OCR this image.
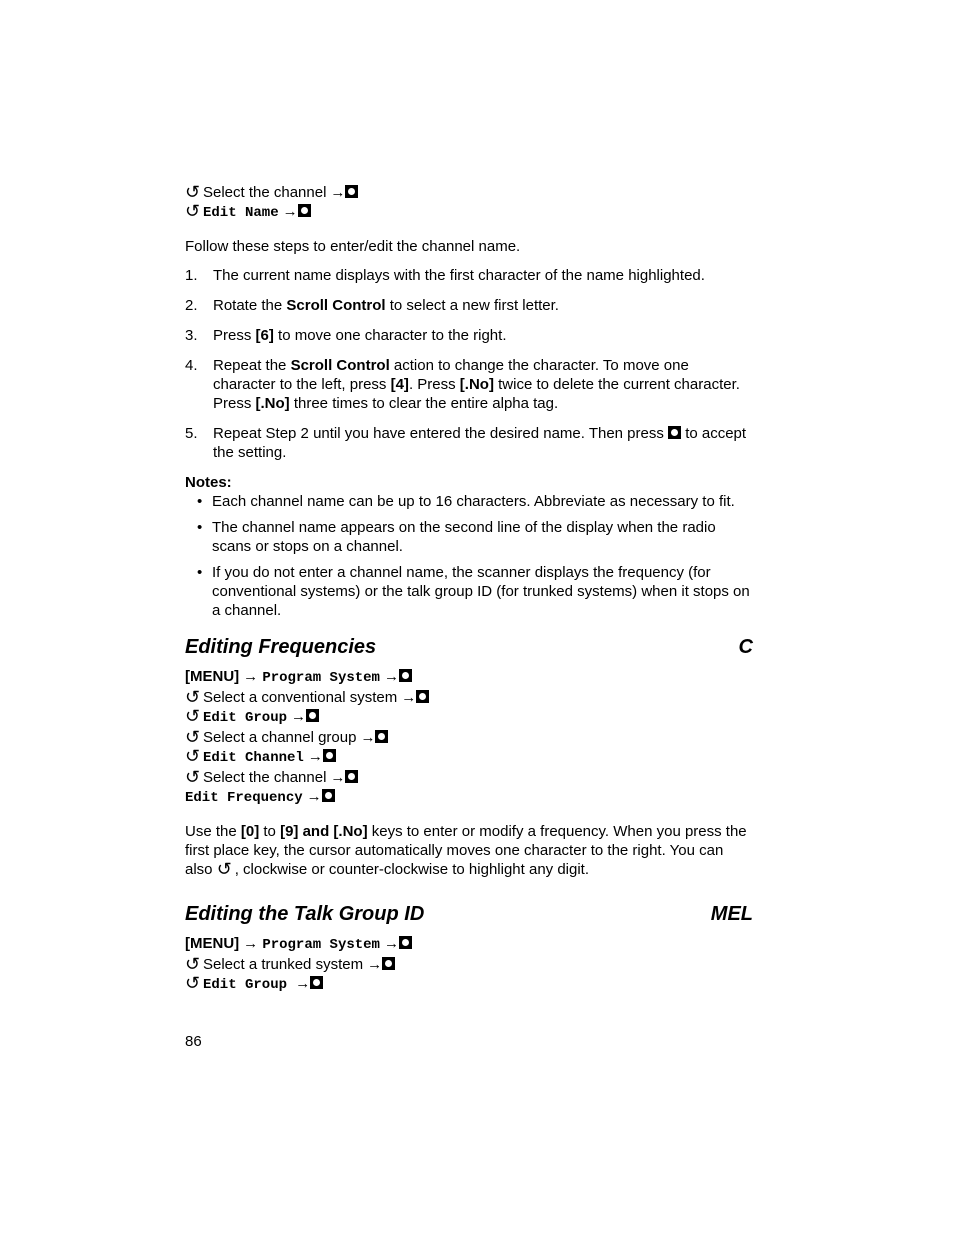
↺ Select the channel →
↺ Edit Name →
Follow these steps to enter/edit the channel name.
1. The current name displays with the first character of the name highlighted.
2. Rotate the Scroll Control to select a new first letter.
3. Press [6] to move one character to the right.
4. Repeat the Scroll Control action to change the character. To move one character to the left, press [4]. Press [.No] twice to delete the current character. Press [.No] three times to clear the entire alpha tag.
5. Repeat Step 2 until you have entered the desired name. Then press  to accept the setting.
Notes:
• Each channel name can be up to 16 characters. Abbreviate as necessary to fit.
• The channel name appears on the second line of the display when the radio scans or stops on a channel.
• If you do not enter a channel name, the scanner displays the frequency (for conventional systems) or the talk group ID (for trunked systems) when it stops on a channel.
Editing Frequencies	C
[MENU] → Program System →
↺ Select a conventional system →
↺ Edit Group →
↺ Select a channel group →
↺ Edit Channel →
↺ Select the channel →
Edit Frequency →
Use the [0] to [9] and [.No] keys to enter or modify a frequency. When you press the first place key, the cursor automatically moves one character to the right. You can also ↺ , clockwise or counter-clockwise to highlight any digit.
Editing the Talk Group ID	MEL
[MENU] → Program System →
↺ Select a trunked system →
↺ Edit Group →
86
